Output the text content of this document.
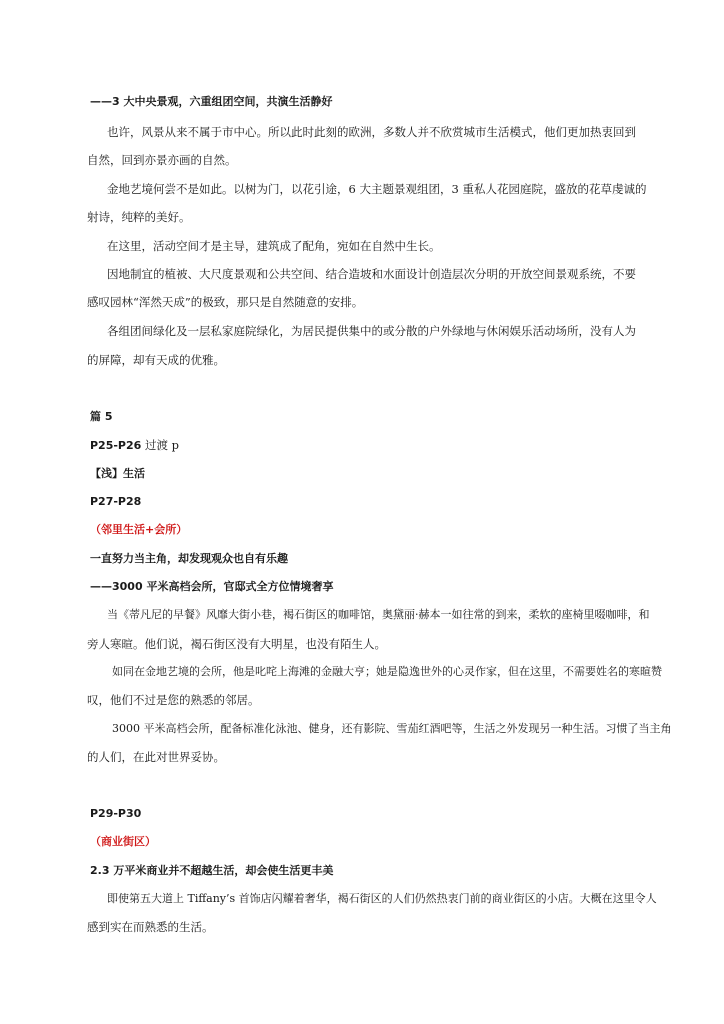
——3 大中央景观，六重组团空间，共演生活静好
也许，风景从来不属于市中心。所以此时此刻的欧洲，多数人并不欣赏城市生活模式，他们更加热衷回到
自然，回到亦景亦画的自然。
金地艺境何尝不是如此。以树为门，以花引途，6 大主题景观组团，3 重私人花园庭院，盛放的花草虔诚的
射诗，纯粹的美好。
在这里，活动空间才是主导，建筑成了配角，宛如在自然中生长。
因地制宜的植被、大尺度景观和公共空间、结合造坡和水面设计创造层次分明的开放空间景观系统，不要
感叹园林“浑然天成”的极致，那只是自然随意的安排。
各组团间绿化及一层私家庭院绿化，为居民提供集中的或分散的户外绿地与休闲娱乐活动场所，没有人为
的屏障，却有天成的优雅。
篇 5
P25-P26 过渡 p
【浅】生活
P27-P28
（邻里生活+会所）
一直努力当主角，却发现观众也自有乐趣
——3000 平米高档会所，官邸式全方位情境奢享
当《蒂凡尼的早餐》风靡大街小巷，褐石街区的咖啡馆，奥黛丽·赫本一如往常的到来，柔软的座椅里啜咖啡，和
旁人寒暄。他们说，褐石街区没有大明星，也没有陌生人。
如同在金地艺境的会所，他是叱咤上海滩的金融大亨；她是隐逸世外的心灵作家，但在这里，不需要姓名的寒暄赞
叹，他们不过是您的熟悉的邻居。
3000 平米高档会所，配备标准化泳池、健身，还有影院、雪茄红酒吧等，生活之外发现另一种生活。习惯了当主角
的人们，在此对世界妥协。
P29-P30
（商业街区）
2.3 万平米商业并不超越生活，却会使生活更丰美
即使第五大道上 Tiffany’s 首饰店闪耀着奢华，褐石街区的人们仍然热衷门前的商业街区的小店。大概在这里令人
感到实在而熟悉的生活。
